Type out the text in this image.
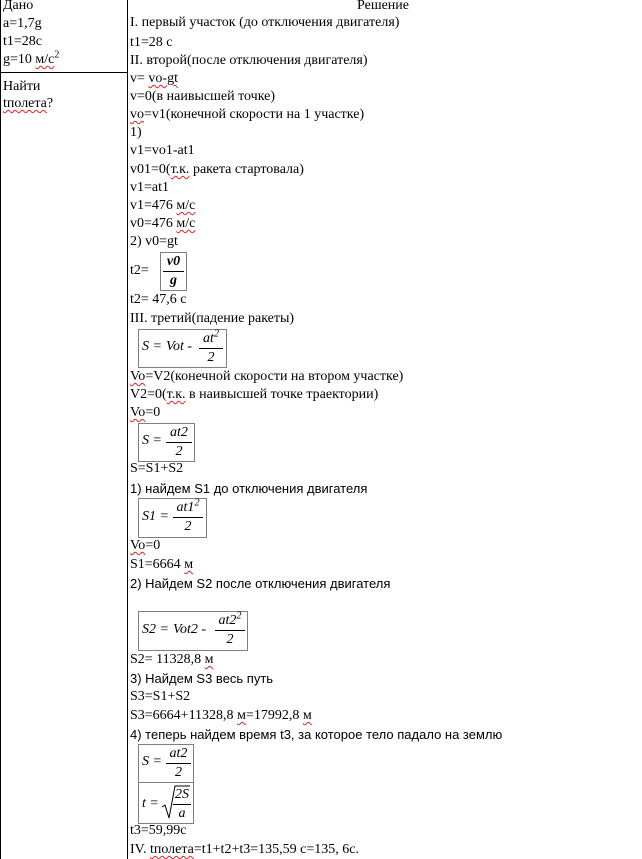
Дано
a=1,7g
t1=28c
g=10 $м/c^2$
Найти
tполета?
Решение
I. первый участок (до отключения двигателя)
t1=28 с
II. второй(после отключения двигателя)
v= vo-gt
v=0(в наивысшей точке)
vo=v1(конечной скорости на 1 участке)
1)
v1=vo1-at1
v01=0(т.к. ракета стартовала)
v1=at1
v1=476 м/с
v0=476 м/с
2) v0=gt
t2=
v0
g
t2= 47,6 с
III. третий(падение ракеты)
S = Vot -
$at^2$
2
Vo=V2(конечной скорости на втором участке)
V2=0(т.к. в наивысшей точке траектории)
Vo=0
S =
at2
2
S=S1+S2
1) найдем S1 до отключения двигателя
S1 =
$at1^2$
2
Vo=0
S1=6664 м
2) Найдем S2 после отключения двигателя
S2 = Vot2 -
$at2^2$
2
S2= 11328,8 м
3) Найдем S3 весь путь
S3=S1+S2
S3=6664+11328,8 м=17992,8 м
4) теперь найдем время t3, за которое тело падало на землю
S =
at2
2
t =
2S
a
t3=59,99c
IV. tполета=t1+t2+t3=135,59 c=135, 6c.
